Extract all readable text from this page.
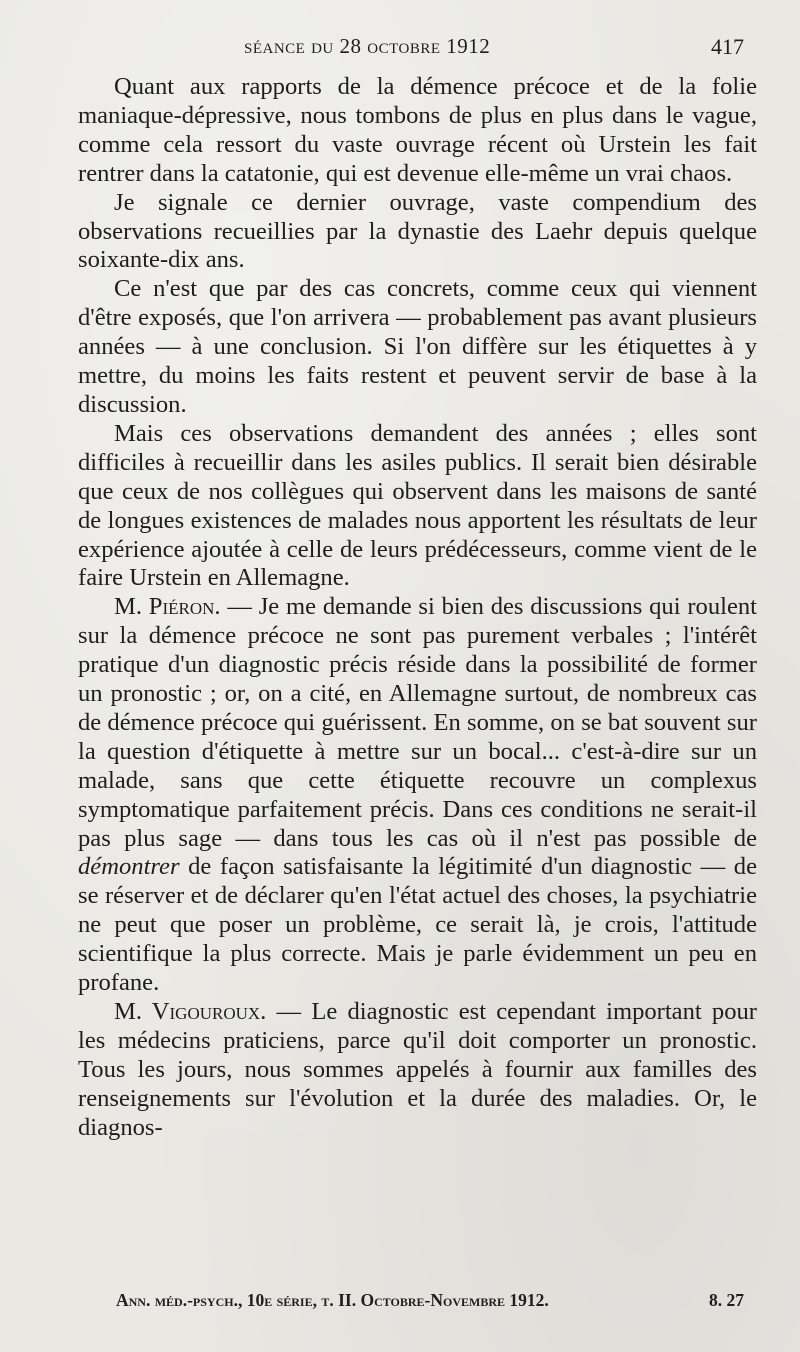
séance du 28 octobre 1912	417

Quant aux rapports de la démence précoce et de la folie maniaque-dépressive, nous tombons de plus en plus dans le vague, comme cela ressort du vaste ouvrage récent où Urstein les fait rentrer dans la catatonie, qui est devenue elle-même un vrai chaos.

Je signale ce dernier ouvrage, vaste compendium des observations recueillies par la dynastie des Laehr depuis quelque soixante-dix ans.

Ce n'est que par des cas concrets, comme ceux qui viennent d'être exposés, que l'on arrivera — probablement pas avant plusieurs années — à une conclusion. Si l'on diffère sur les étiquettes à y mettre, du moins les faits restent et peuvent servir de base à la discussion.

Mais ces observations demandent des années ; elles sont difficiles à recueillir dans les asiles publics. Il serait bien désirable que ceux de nos collègues qui observent dans les maisons de santé de longues existences de malades nous apportent les résultats de leur expérience ajoutée à celle de leurs prédécesseurs, comme vient de le faire Urstein en Allemagne.

M. Piéron. — Je me demande si bien des discussions qui roulent sur la démence précoce ne sont pas purement verbales ; l'intérêt pratique d'un diagnostic précis réside dans la possibilité de former un pronostic ; or, on a cité, en Allemagne surtout, de nombreux cas de démence précoce qui guérissent. En somme, on se bat souvent sur la question d'étiquette à mettre sur un bocal... c'est-à-dire sur un malade, sans que cette étiquette recouvre un complexus symptomatique parfaitement précis. Dans ces conditions ne serait-il pas plus sage — dans tous les cas où il n'est pas possible de démontrer de façon satisfaisante la légitimité d'un diagnostic — de se réserver et de déclarer qu'en l'état actuel des choses, la psychiatrie ne peut que poser un problème, ce serait là, je crois, l'attitude scientifique la plus correcte. Mais je parle évidemment un peu en profane.

M. Vigouroux. — Le diagnostic est cependant important pour les médecins praticiens, parce qu'il doit comporter un pronostic. Tous les jours, nous sommes appelés à fournir aux familles des renseignements sur l'évolution et la durée des maladies. Or, le diagnos-

Ann. méd.-psych., 10e série, t. II. Octobre-Novembre 1912.	8. 27
